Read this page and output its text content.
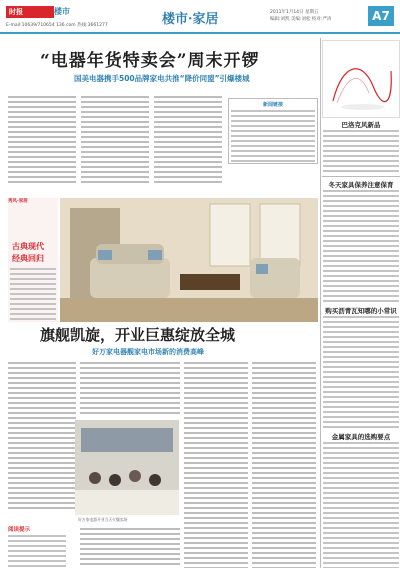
时报	楼市
E-mail:10639/710654 136.com 热线:3661277	楼市·家居	2011年1月14日 星期五
编辑:刘凯 美编:刘松 校对:严涛	A7
“电器年货特卖会”周末开锣
国美电器携手500品牌家电共推“降价同盟”引爆楼城
新闻链接
巴洛克风新品
冬天家具保养注意保育
购买沥青瓦知哪的小常识
金属家具的选购要点
秀风·家居
古典现代
经典回归
旗舰凯旋，开业巨惠绽放全城
好万家电器舰家电市场新的消费高峰
好万家电器开业当天火爆卖场
阅读提示
